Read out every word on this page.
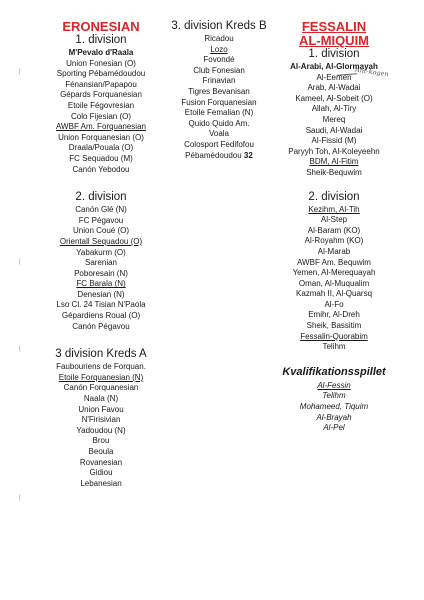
ERONESIAN

1. division

M'Pevalo d'Raala

Union Fonesian (O)

Sporting Pébamédoudou

Fénansian/Papapou

Gépards Forquanesian

Etoile Fégovresian

Colo Fijesian (O)

AWBF Am. Forquanesian

Union Forquanesian (O)

Draala/Pouala (O)

FC Sequadou (M)

Canón Yebodou

2. division

Canón Glé (N)

FC Pégavou

Union Coué (O)

Orientall Sequadou (O)

Yabakurm (O)

Sarenian

Poboresain (N)

FC Barala (N)

Denesian (N)

Lso Cl. 24 Tisian N'Paola

Gépardiens Roual (O)

Canón Pégavou

3 division Kreds A

Faubouriens de Forquan.

Etoile Forquanesian (N)

Canón Forquanesian

Naala (N)

Union Favou

N'Firisivian

Yadoudou (N)

Brou

Beoula

Rovanesian

Gidiou

Lebanesian

3. division Kreds B

Ricadou

Lozo

Fovondé

Club Fonesian

Frinavian

Tigres Bevanisan

Fusion Forquanesian

Etoile Femalian (N)

Quido Quido Am.

Voala

Colosport Fedifofou

Pébamédoudou 32

FESSALIN

AL-MIQUIM

1. division

Al-Arabi, Al-Glormayah

Al-Eemen

Arab, Al-Wadai

Kameel, Al-Sobeit (O)

Allah, Al-Tiry

Mereq

Saudi, Al-Wadai

Al-Fissid (M)

Paryyh Toh, Al-Koleyeehn

BDM, Al-Fitim

Sheik-Bequwim

2. division

Kezihm, Al-Tih

Al-Step

Al-Baram (KO)

Al-Royahm (KO)

Al-Marab

AWBF Am. Bequwim

Yemen, Al-Merequayah

Oman, Al-Muqualim

Kazmah II, Al-Quarsq

Al-Fo

Emihr, Al-Dreh

Sheik, Bassitim

Fessalin-Quorabim

Telihm

Kvalifikationsspillet

Al-Fessin

Telihm

Mohameed, Tiquim

Al-Brayah

Al-Pel

Ant-kogen
